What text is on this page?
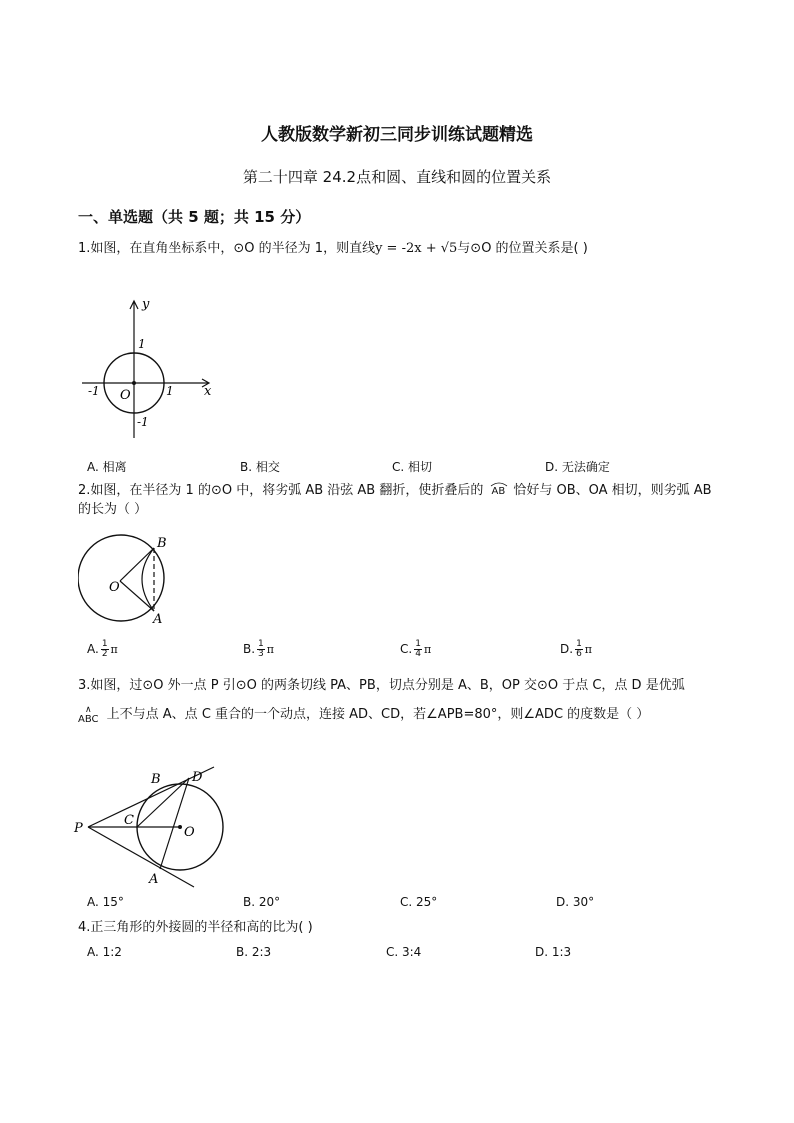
人教版数学新初三同步训练试题精选
第二十四章 24.2点和圆、直线和圆的位置关系
一、单选题（共 5 题；共 15 分）
1.如图，在直角坐标系中，⊙O 的半径为 1，则直线y = -2x + √5与⊙O 的位置关系是( )
y
x
O
1
-1
1
-1
A. 相离	B. 相交	C. 相切	D. 无法确定
2.如图，在半径为 1 的⊙O 中，将劣弧 AB 沿弦 AB 翻折，使折叠后的 AB 恰好与 OB、OA 相切，则劣弧 AB
的长为（ ）
B
O
A
A. $\frac{1}{2}$ π	B. $\frac{1}{3}$ π	C. $\frac{1}{4}$ π	D. $\frac{1}{6}$ π
3.如图，过⊙O 外一点 P 引⊙O 的两条切线 PA、PB，切点分别是 A、B，OP 交⊙O 于点 C，点 D 是优弧
∧
ABC 上不与点 A、点 C 重合的一个动点，连接 AD、CD，若∠APB=80°，则∠ADC 的度数是（ ）
B D
P
C
O
A
A. 15°	B. 20°	C. 25°	D. 30°
4.正三角形的外接圆的半径和高的比为( )
A. 1:2	B. 2:3	C. 3:4	D. 1:3
